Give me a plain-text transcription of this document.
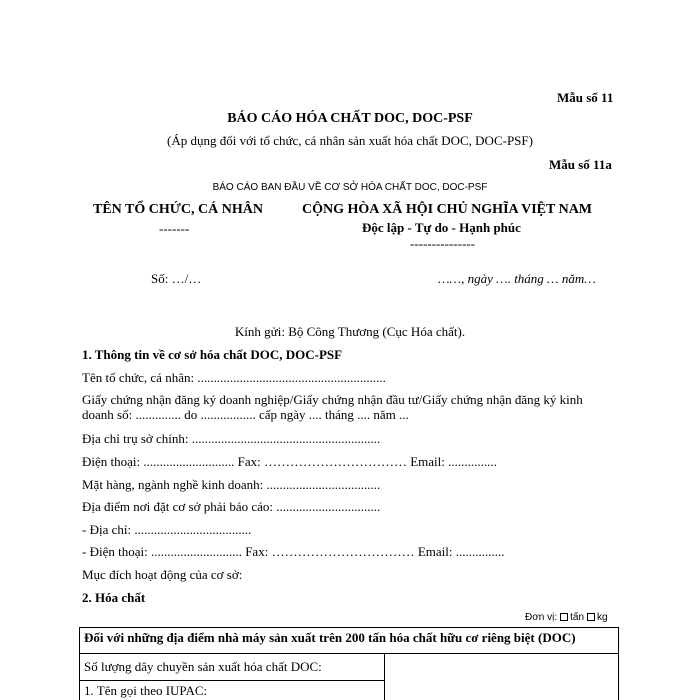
Mẫu số 11
BÁO CÁO HÓA CHẤT DOC, DOC-PSF
(Áp dụng đối với tổ chức, cá nhân sản xuất hóa chất DOC, DOC-PSF)
Mẫu số 11a
BÁO CÁO BAN ĐẦU VỀ CƠ SỞ HÓA CHẤT DOC, DOC-PSF
TÊN TỔ CHỨC, CÁ NHÂN
-------
CỘNG HÒA XÃ HỘI CHỦ NGHĨA VIỆT NAM
Độc lập - Tự do - Hạnh phúc
---------------
Số: …/…	……, ngày …. tháng … năm…
Kính gửi: Bộ Công Thương (Cục Hóa chất).
1. Thông tin về cơ sở hóa chất DOC, DOC-PSF
Tên tổ chức, cá nhân: ..........................................................
Giấy chứng nhận đăng ký doanh nghiệp/Giấy chứng nhận đầu tư/Giấy chứng nhận đăng ký kinh
doanh số: .............. do ................. cấp ngày .... tháng .... năm ...
Địa chỉ trụ sở chính: ..........................................................
Điện thoại: ............................ Fax: …………………………… Email: ...............
Mặt hàng, ngành nghề kinh doanh: ...................................
Địa điểm nơi đặt cơ sở phải báo cáo: ................................
- Địa chỉ: ....................................
- Điện thoại: ............................ Fax: …………………………… Email: ...............
Mục đích hoạt động của cơ sở:
2. Hóa chất
Đơn vị: tấn kg
Đối với những địa điểm nhà máy sản xuất trên 200 tấn hóa chất hữu cơ riêng biệt (DOC)
Số lượng dây chuyền sản xuất hóa chất DOC:	
1. Tên gọi theo IUPAC:
